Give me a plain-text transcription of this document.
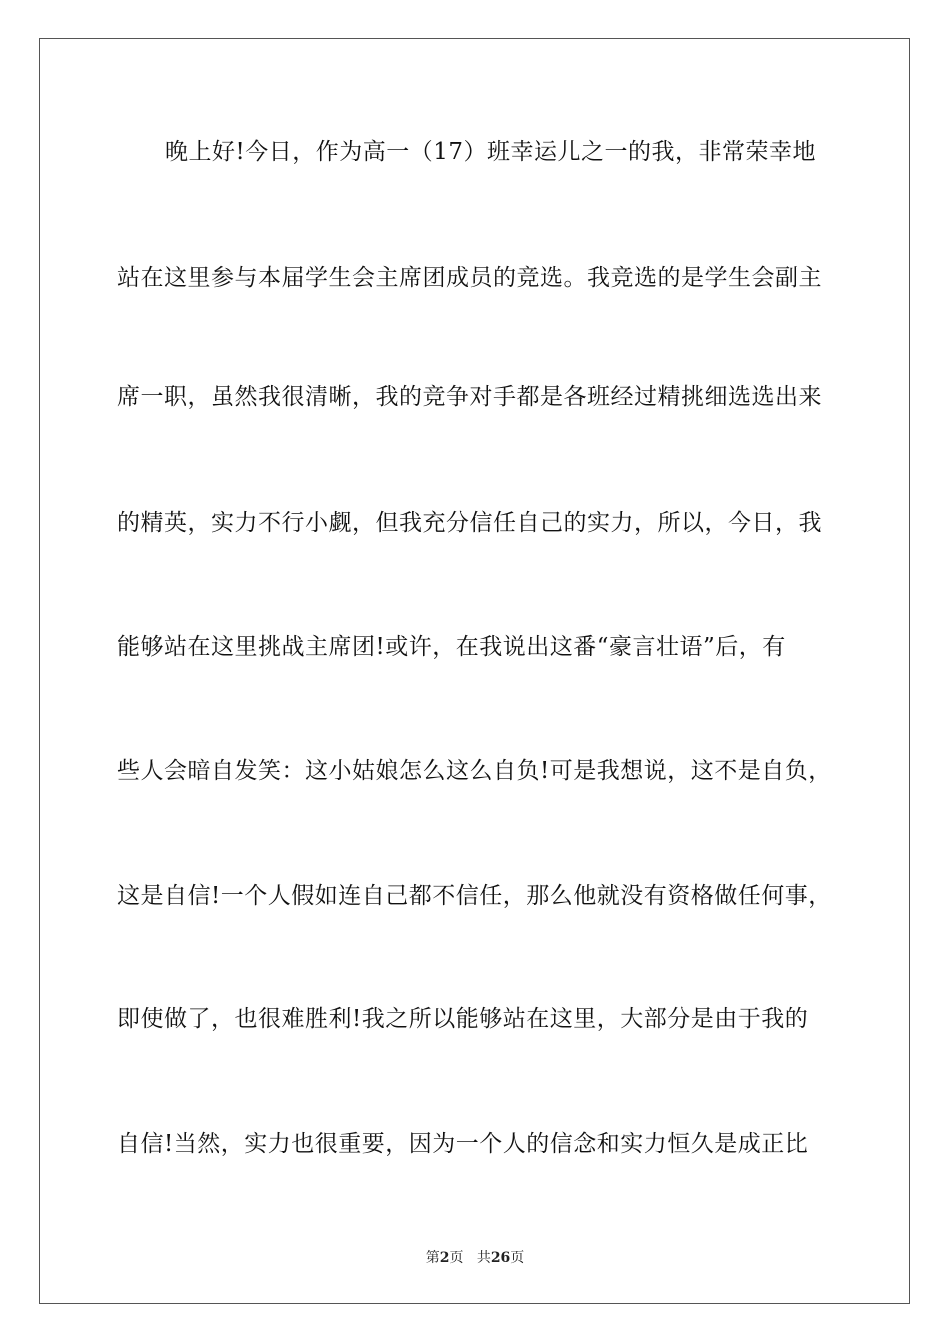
晚上好!今日，作为高一（17）班幸运儿之一的我，非常荣幸地
站在这里参与本届学生会主席团成员的竞选。我竞选的是学生会副主
席一职，虽然我很清晰，我的竞争对手都是各班经过精挑细选选出来
的精英，实力不行小觑，但我充分信任自己的实力，所以，今日，我
能够站在这里挑战主席团!或许，在我说出这番“豪言壮语”后，有
些人会暗自发笑：这小姑娘怎么这么自负!可是我想说，这不是自负，
这是自信!一个人假如连自己都不信任，那么他就没有资格做任何事，
即使做了，也很难胜利!我之所以能够站在这里，大部分是由于我的
自信!当然，实力也很重要，因为一个人的信念和实力恒久是成正比
第2页 共26页
